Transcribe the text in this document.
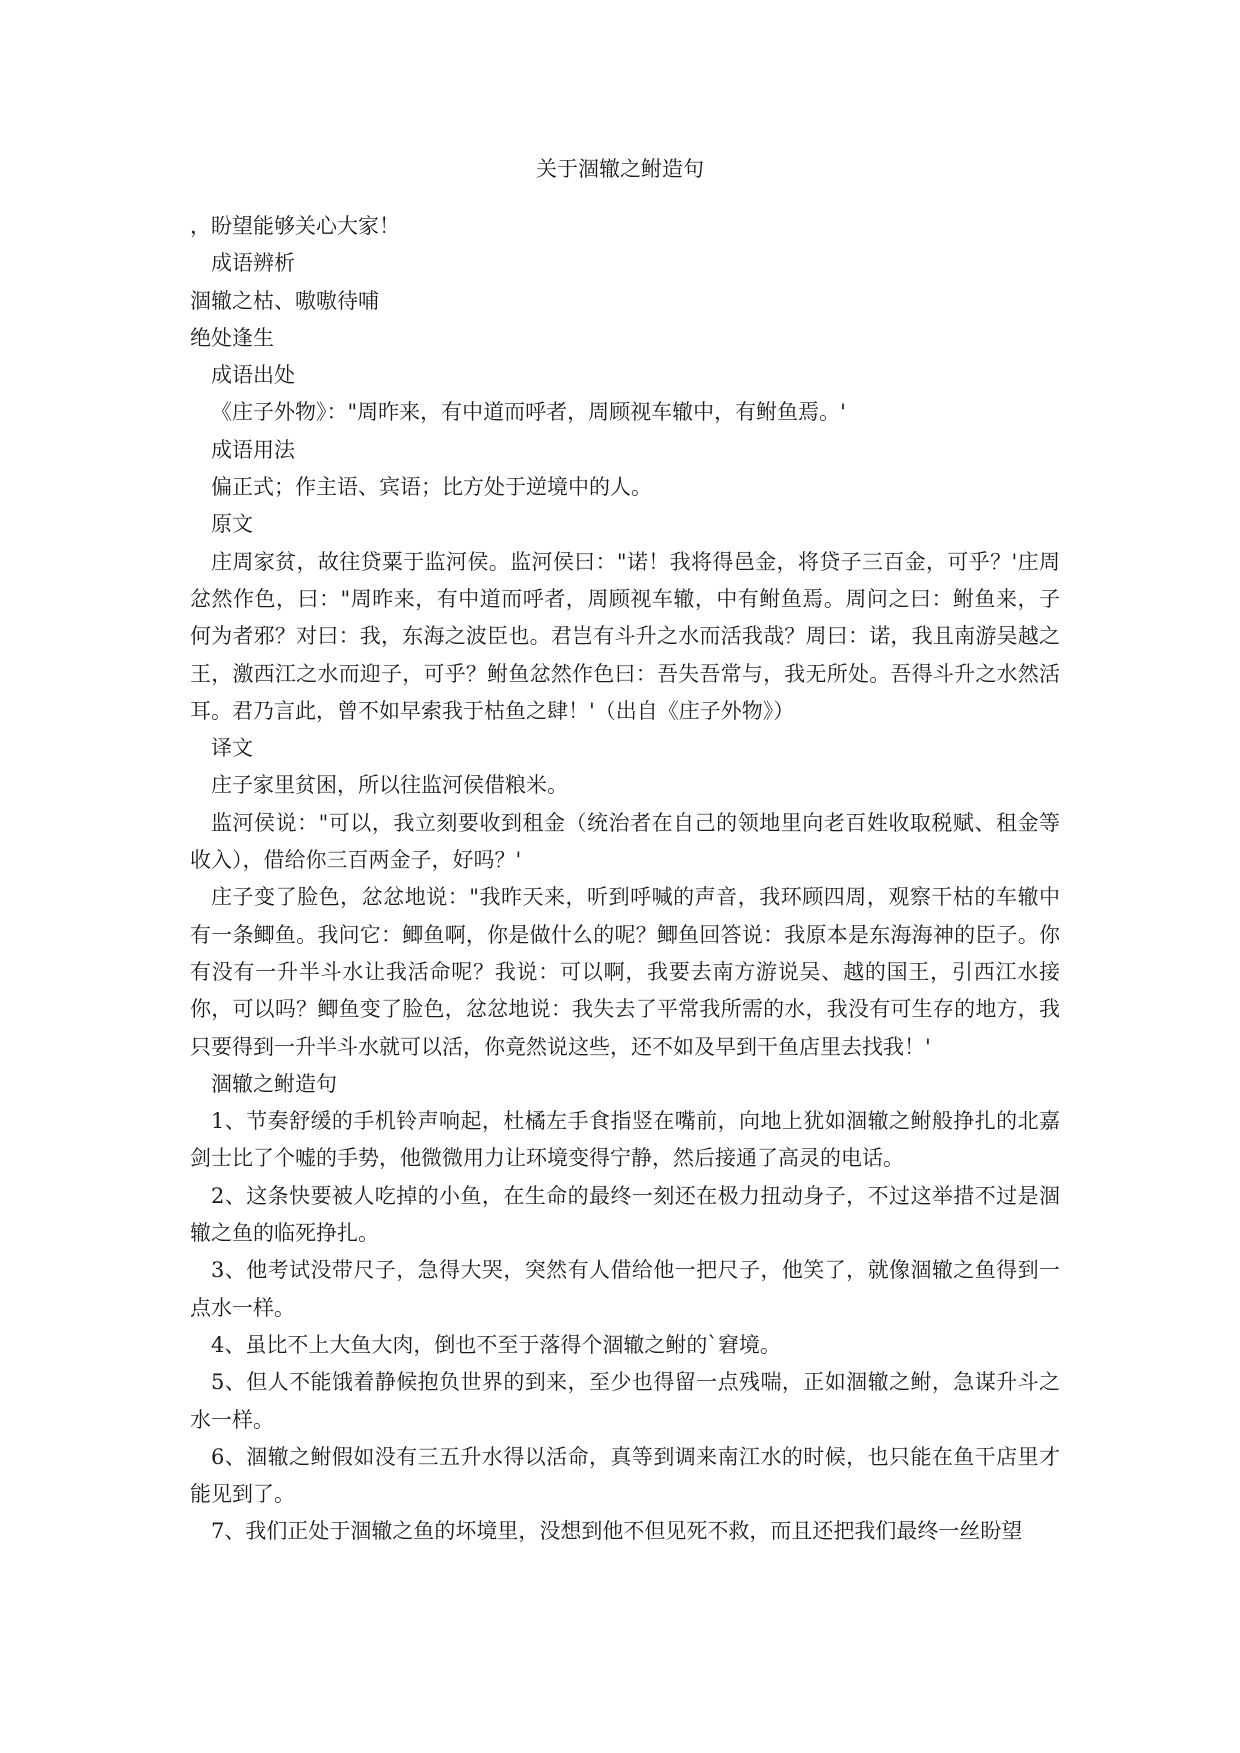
关于涸辙之鲋造句

，盼望能够关心大家！

成语辨析

涸辙之枯、嗷嗷待哺

绝处逢生

成语出处

《庄子外物》："周昨来，有中道而呼者，周顾视车辙中，有鲋鱼焉。'

成语用法

偏正式；作主语、宾语；比方处于逆境中的人。

原文

庄周家贫，故往贷粟于监河侯。监河侯曰："诺！我将得邑金，将贷子三百金，可乎？'庄周忿然作色，曰："周昨来，有中道而呼者，周顾视车辙，中有鲋鱼焉。周问之曰：鲋鱼来，子何为者邪？对曰：我，东海之波臣也。君岂有斗升之水而活我哉？周曰：诺，我且南游吴越之王，激西江之水而迎子，可乎？鲋鱼忿然作色曰：吾失吾常与，我无所处。吾得斗升之水然活耳。君乃言此，曾不如早索我于枯鱼之肆！'（出自《庄子外物》）

译文

庄子家里贫困，所以往监河侯借粮米。

监河侯说："可以，我立刻要收到租金（统治者在自己的领地里向老百姓收取税赋、租金等收入），借给你三百两金子，好吗？'

庄子变了脸色，忿忿地说："我昨天来，听到呼喊的声音，我环顾四周，观察干枯的车辙中有一条鲫鱼。我问它：鲫鱼啊，你是做什么的呢？鲫鱼回答说：我原本是东海海神的臣子。你有没有一升半斗水让我活命呢？我说：可以啊，我要去南方游说吴、越的国王，引西江水接你，可以吗？鲫鱼变了脸色，忿忿地说：我失去了平常我所需的水，我没有可生存的地方，我只要得到一升半斗水就可以活，你竟然说这些，还不如及早到干鱼店里去找我！'

涸辙之鲋造句

1、节奏舒缓的手机铃声响起，杜橘左手食指竖在嘴前，向地上犹如涸辙之鲋般挣扎的北嘉剑士比了个嘘的手势，他微微用力让环境变得宁静，然后接通了高灵的电话。

2、这条快要被人吃掉的小鱼，在生命的最终一刻还在极力扭动身子，不过这举措不过是涸辙之鱼的临死挣扎。

3、他考试没带尺子，急得大哭，突然有人借给他一把尺子，他笑了，就像涸辙之鱼得到一点水一样。

4、虽比不上大鱼大肉，倒也不至于落得个涸辙之鲋的`窘境。

5、但人不能饿着静候抱负世界的到来，至少也得留一点残喘，正如涸辙之鲋，急谋升斗之水一样。

6、涸辙之鲋假如没有三五升水得以活命，真等到调来南江水的时候，也只能在鱼干店里才能见到了。

7、我们正处于涸辙之鱼的坏境里，没想到他不但见死不救，而且还把我们最终一丝盼望
